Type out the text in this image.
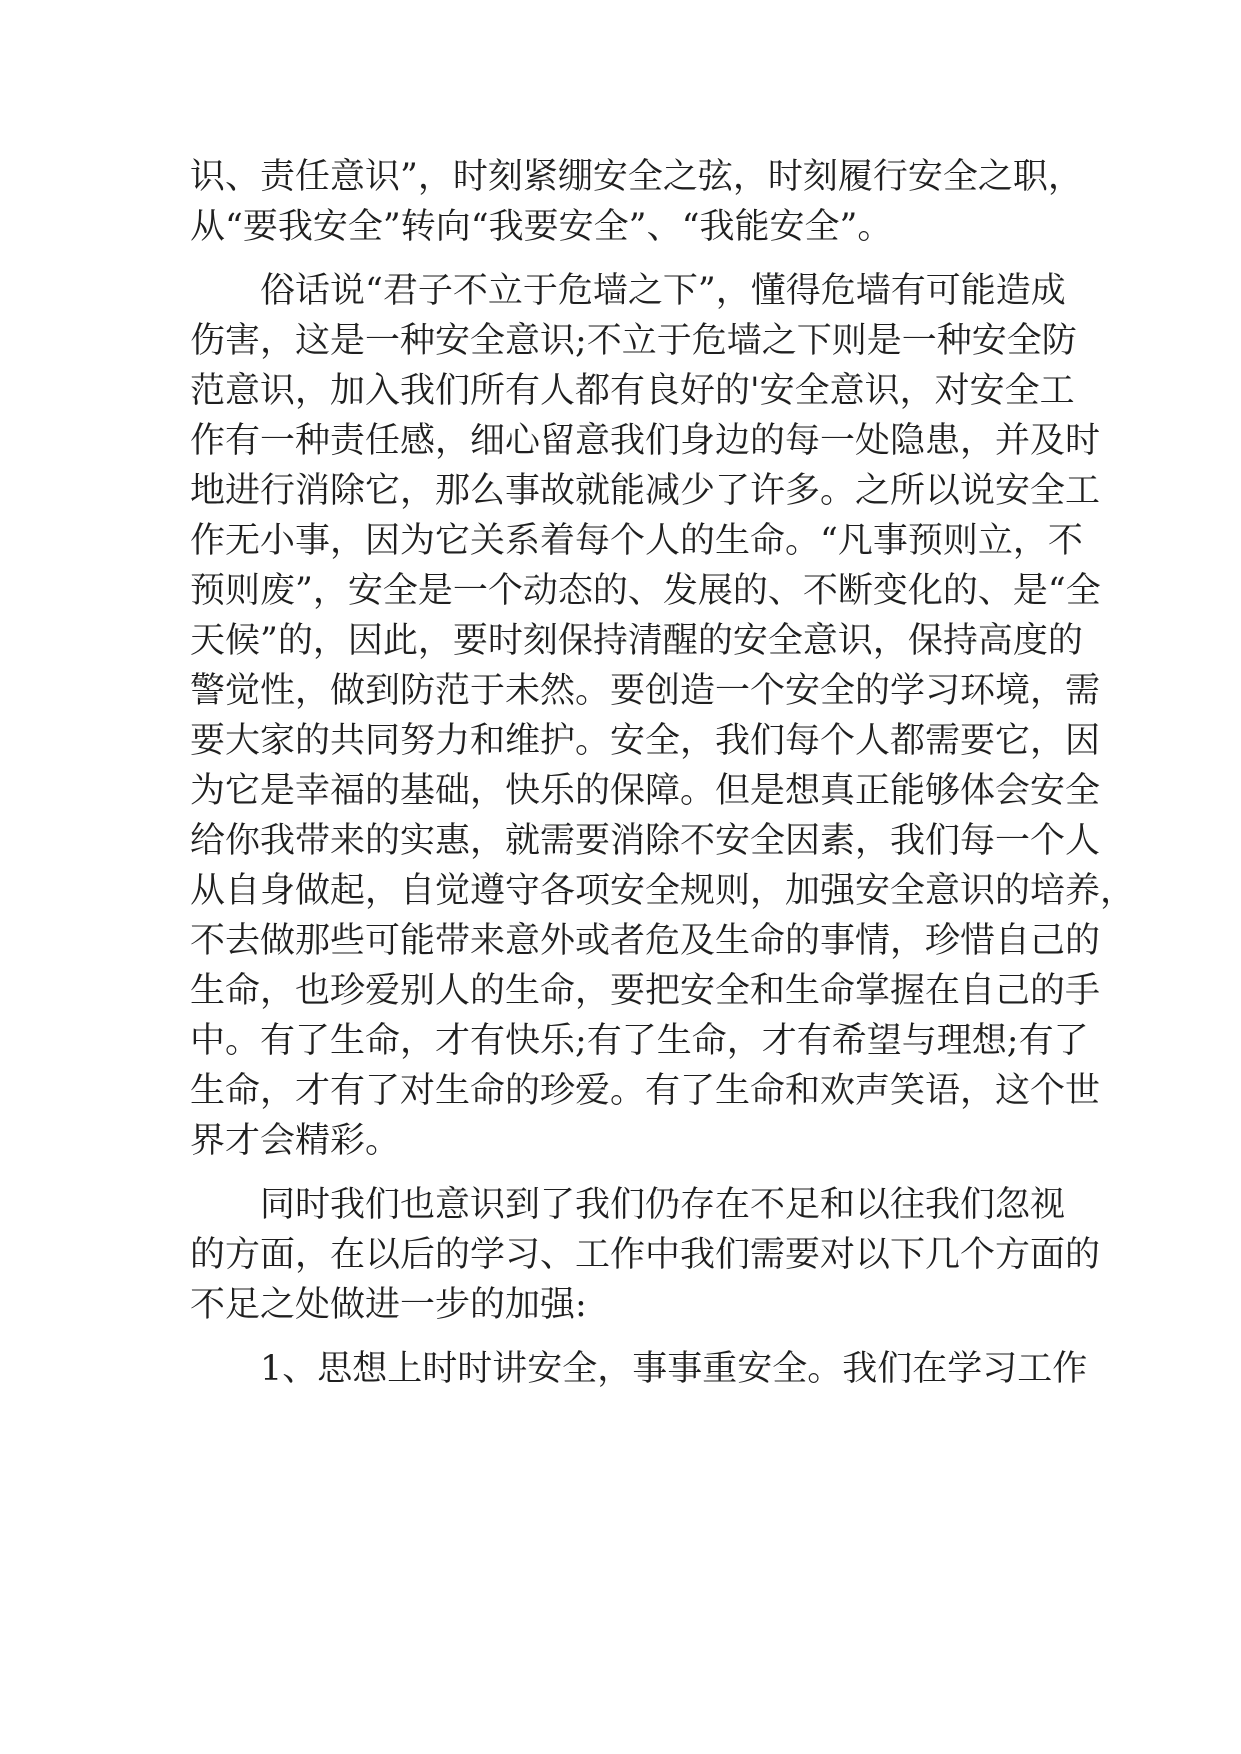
识、责任意识”，时刻紧绷安全之弦，时刻履行安全之职，
从“要我安全”转向“我要安全”、“我能安全”。
俗话说“君子不立于危墙之下”，懂得危墙有可能造成
伤害，这是一种安全意识;不立于危墙之下则是一种安全防
范意识，加入我们所有人都有良好的'安全意识，对安全工
作有一种责任感，细心留意我们身边的每一处隐患，并及时
地进行消除它，那么事故就能减少了许多。之所以说安全工
作无小事，因为它关系着每个人的生命。“凡事预则立，不
预则废”，安全是一个动态的、发展的、不断变化的、是“全
天候”的，因此，要时刻保持清醒的安全意识，保持高度的
警觉性，做到防范于未然。要创造一个安全的学习环境，需
要大家的共同努力和维护。安全，我们每个人都需要它，因
为它是幸福的基础，快乐的保障。但是想真正能够体会安全
给你我带来的实惠，就需要消除不安全因素，我们每一个人
从自身做起，自觉遵守各项安全规则，加强安全意识的培养，
不去做那些可能带来意外或者危及生命的事情，珍惜自己的
生命，也珍爱别人的生命，要把安全和生命掌握在自己的手
中。有了生命，才有快乐;有了生命，才有希望与理想;有了
生命，才有了对生命的珍爱。有了生命和欢声笑语，这个世
界才会精彩。
同时我们也意识到了我们仍存在不足和以往我们忽视
的方面，在以后的学习、工作中我们需要对以下几个方面的
不足之处做进一步的加强:
1、思想上时时讲安全，事事重安全。我们在学习工作
